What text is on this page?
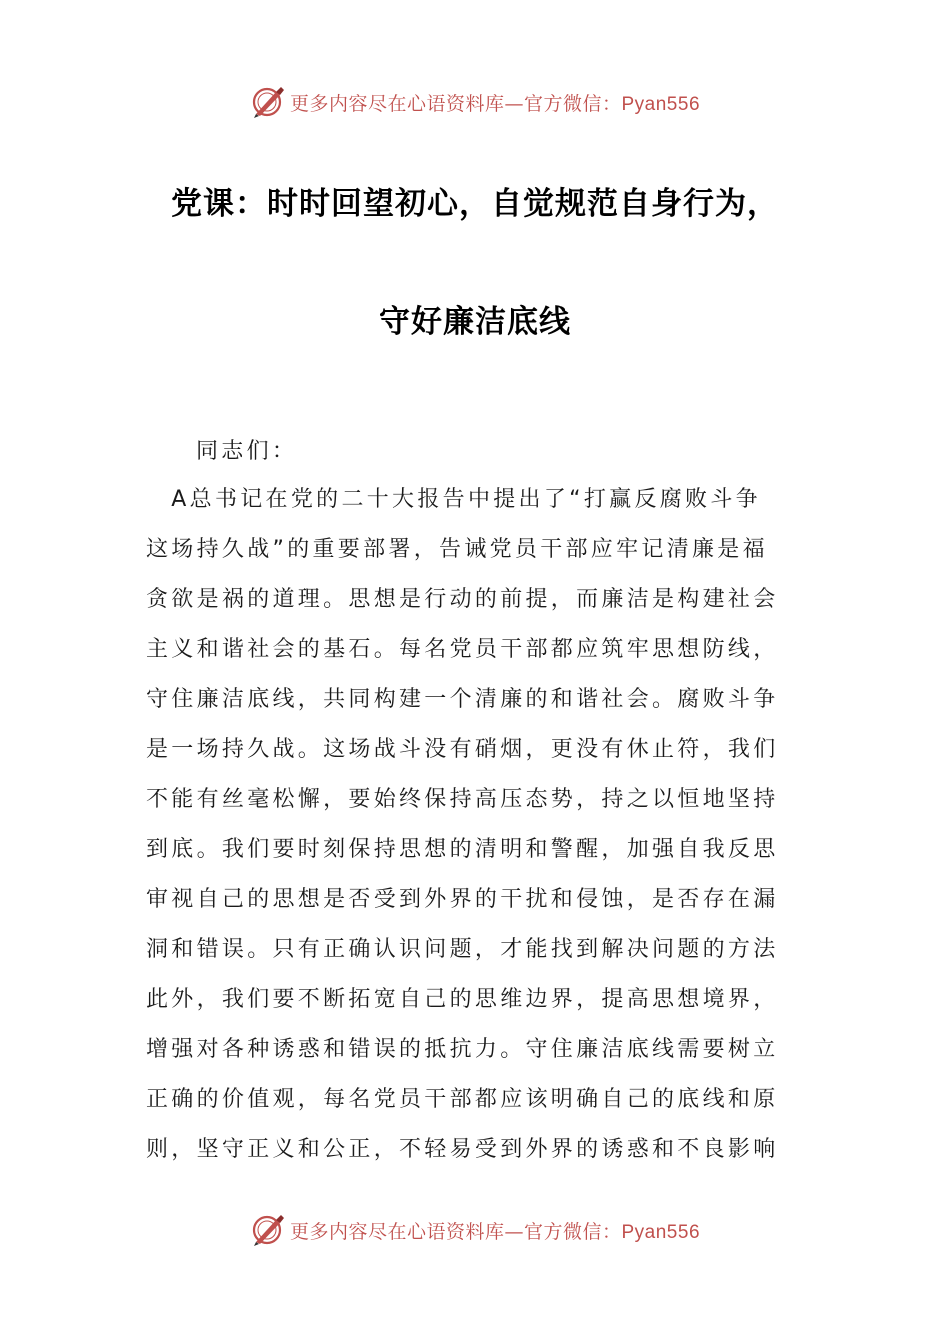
更多内容尽在心语资料库—官方微信：Pyan556
党课：时时回望初心，自觉规范自身行为，
守好廉洁底线
同志们：
　A总书记在党的二十大报告中提出了“打赢反腐败斗争
这场持久战”的重要部署，告诫党员干部应牢记清廉是福
贪欲是祸的道理。思想是行动的前提，而廉洁是构建社会
主义和谐社会的基石。每名党员干部都应筑牢思想防线，
守住廉洁底线，共同构建一个清廉的和谐社会。腐败斗争
是一场持久战。这场战斗没有硝烟，更没有休止符，我们
不能有丝毫松懈，要始终保持高压态势，持之以恒地坚持
到底。我们要时刻保持思想的清明和警醒，加强自我反思
审视自己的思想是否受到外界的干扰和侵蚀，是否存在漏
洞和错误。只有正确认识问题，才能找到解决问题的方法
此外，我们要不断拓宽自己的思维边界，提高思想境界，
增强对各种诱惑和错误的抵抗力。守住廉洁底线需要树立
正确的价值观，每名党员干部都应该明确自己的底线和原
则，坚守正义和公正，不轻易受到外界的诱惑和不良影响
更多内容尽在心语资料库—官方微信：Pyan556
